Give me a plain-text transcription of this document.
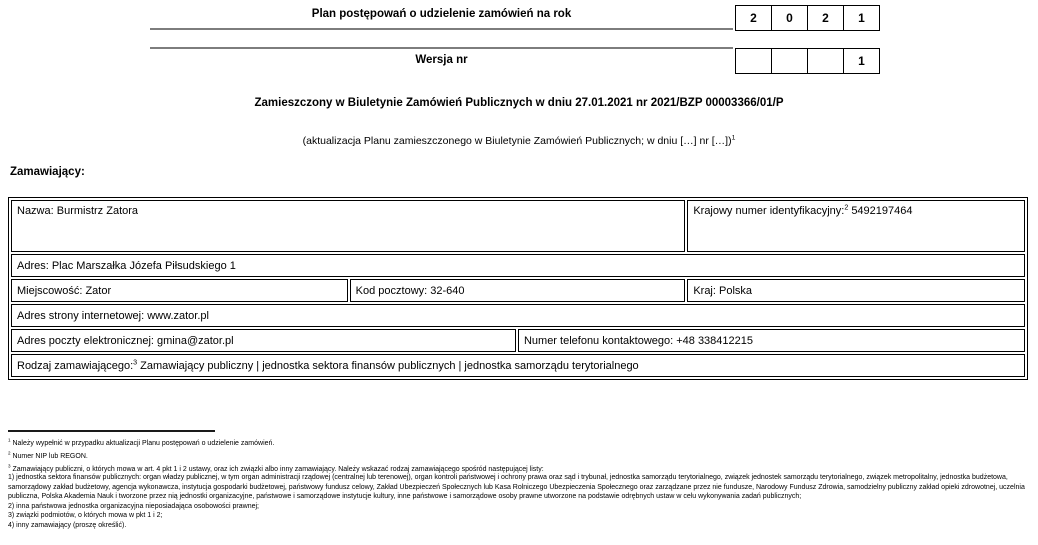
Plan postępowań o udzielenie zamówień na rok	2	0	2	1
Wersja nr	1
Zamieszczony w Biuletynie Zamówień Publicznych w dniu 27.01.2021 nr 2021/BZP 00003366/01/P
(aktualizacja Planu zamieszczonego w Biuletynie Zamówień Publicznych; w dniu […] nr […])$^1$
Zamawiający:
Nazwa: Burmistrz Zatora			Krajowy numer identyfikacyjny:$^2$ 5492197464
Adres: Plac Marszałka Józefa Piłsudskiego 1			
Miejscowość: Zator	Kod pocztowy: 32-640		Kraj: Polska
Adres strony internetowej: www.zator.pl			
Adres poczty elektronicznej: gmina@zator.pl		Numer telefonu kontaktowego: +48 338412215	
Rodzaj zamawiającego:$^3$ Zamawiający publiczny | jednostka sektora finansów publicznych | jednostka samorządu terytorialnego			
$^1$ Należy wypełnić w przypadku aktualizacji Planu postępowań o udzielenie zamówień.
$^2$ Numer NIP lub REGON.
$^3$ Zamawiający publiczni, o których mowa w art. 4 pkt 1 i 2 ustawy, oraz ich związki albo inny zamawiający. Należy wskazać rodzaj zamawiającego spośród następującej listy:

1) jednostka sektora finansów publicznych: organ władzy publicznej, w tym organ administracji rządowej (centralnej lub terenowej), organ kontroli państwowej i ochrony prawa oraz sąd i trybunał, jednostka samorządu terytorialnego, związek jednostek samorządu terytorialnego, związek metropolitalny, jednostka budżetowa, samorządowy zakład budżetowy, agencja wykonawcza, instytucja gospodarki budżetowej, państwowy fundusz celowy, Zakład Ubezpieczeń Społecznych lub Kasa Rolniczego Ubezpieczenia Społecznego oraz zarządzane przez nie fundusze, Narodowy Fundusz Zdrowia, samodzielny publiczny zakład opieki zdrowotnej, uczelnia publiczna, Polska Akademia Nauk i tworzone przez nią jednostki organizacyjne, państwowe i samorządowe instytucje kultury, inne państwowe i samorządowe osoby prawne utworzone na podstawie odrębnych ustaw w celu wykonywania zadań publicznych;

2) inna państwowa jednostka organizacyjna nieposiadająca osobowości prawnej;

3) związki podmiotów, o których mowa w pkt 1 i 2;

4) inny zamawiający (proszę określić).
